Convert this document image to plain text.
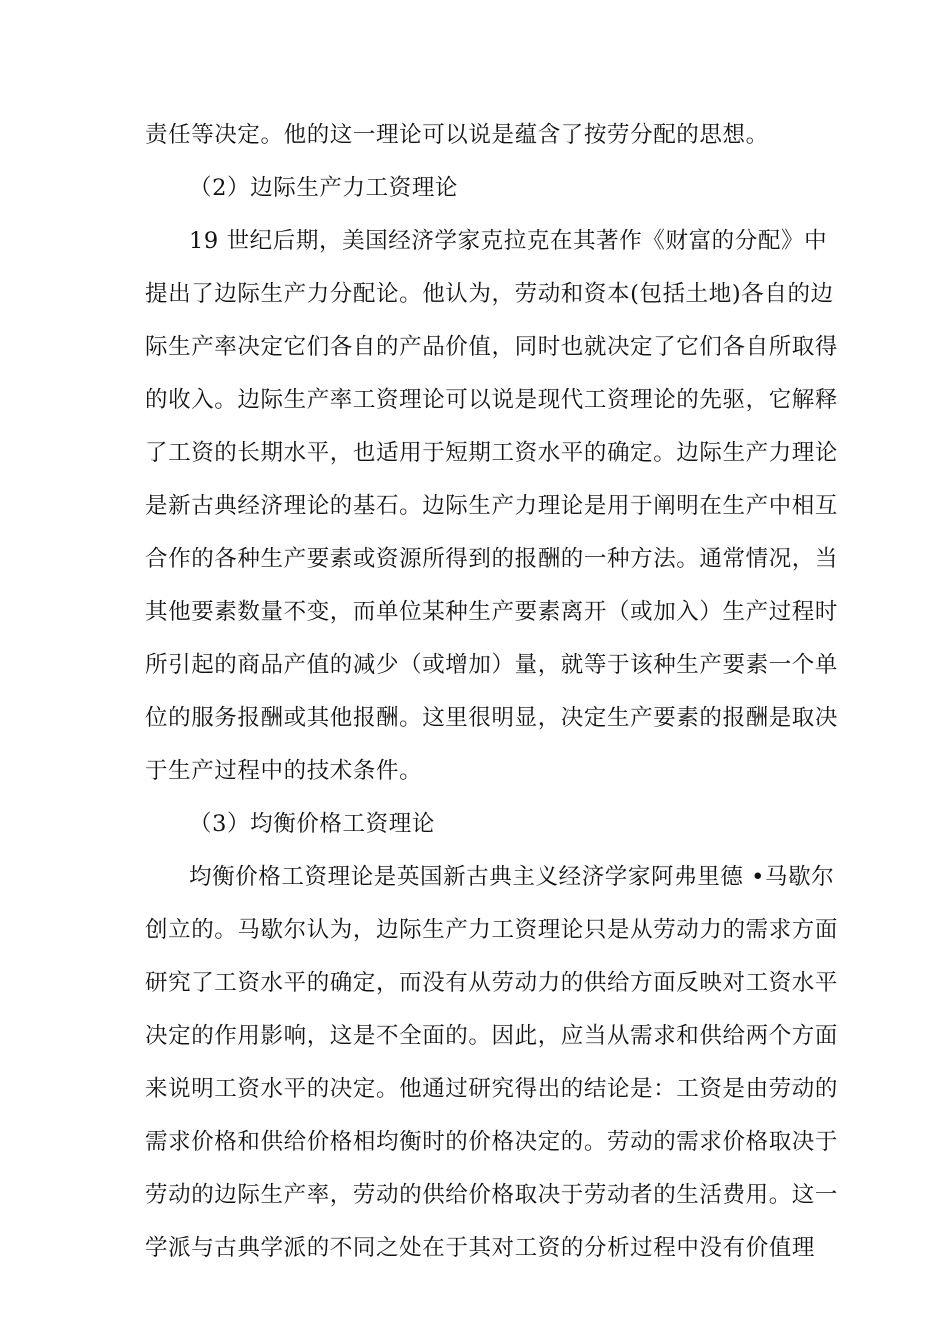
责任等决定。他的这一理论可以说是蕴含了按劳分配的思想。
（2）边际生产力工资理论
19 世纪后期，美国经济学家克拉克在其著作《财富的分配》中
提出了边际生产力分配论。他认为，劳动和资本(包括土地)各自的边
际生产率决定它们各自的产品价值，同时也就决定了它们各自所取得
的收入。边际生产率工资理论可以说是现代工资理论的先驱，它解释
了工资的长期水平，也适用于短期工资水平的确定。边际生产力理论
是新古典经济理论的基石。边际生产力理论是用于阐明在生产中相互
合作的各种生产要素或资源所得到的报酬的一种方法。通常情况，当
其他要素数量不变，而单位某种生产要素离开（或加入）生产过程时
所引起的商品产值的减少（或增加）量，就等于该种生产要素一个单
位的服务报酬或其他报酬。这里很明显，决定生产要素的报酬是取决
于生产过程中的技术条件。
（3）均衡价格工资理论
均衡价格工资理论是英国新古典主义经济学家阿弗里德 •马歇尔
创立的。马歇尔认为，边际生产力工资理论只是从劳动力的需求方面
研究了工资水平的确定，而没有从劳动力的供给方面反映对工资水平
决定的作用影响，这是不全面的。因此，应当从需求和供给两个方面
来说明工资水平的决定。他通过研究得出的结论是：工资是由劳动的
需求价格和供给价格相均衡时的价格决定的。劳动的需求价格取决于
劳动的边际生产率，劳动的供给价格取决于劳动者的生活费用。这一
学派与古典学派的不同之处在于其对工资的分析过程中没有价值理
